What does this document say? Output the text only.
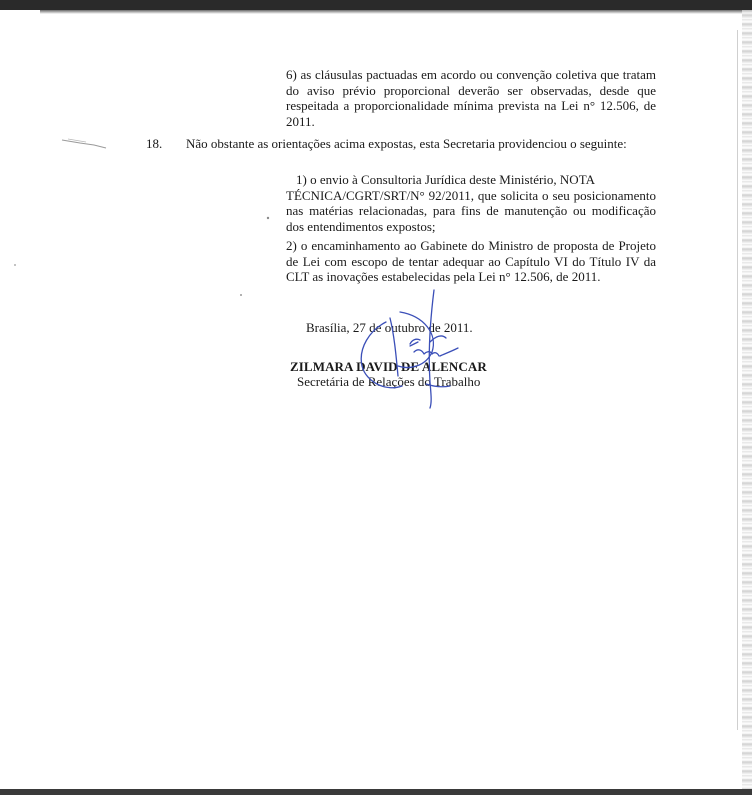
6) as cláusulas pactuadas em acordo ou convenção coletiva que tratam do aviso prévio proporcional deverão ser observadas, desde que respeitada a proporcionalidade mínima prevista na Lei n° 12.506, de 2011.
18. Não obstante as orientações acima expostas, esta Secretaria providenciou o seguinte:
1) o envio à Consultoria Jurídica deste Ministério, NOTA
TÉCNICA/CGRT/SRT/N° 92/2011, que solicita o seu posicionamento nas matérias relacionadas, para fins de manutenção ou modificação dos entendimentos expostos;
2) o encaminhamento ao Gabinete do Ministro de proposta de Projeto de Lei com escopo de tentar adequar ao Capítulo VI do Título IV da CLT as inovações estabelecidas pela Lei n° 12.506, de 2011.
Brasília, 27 de outubro de 2011.
ZILMARA DAVID DE ALENCAR
Secretária de Relações do Trabalho
